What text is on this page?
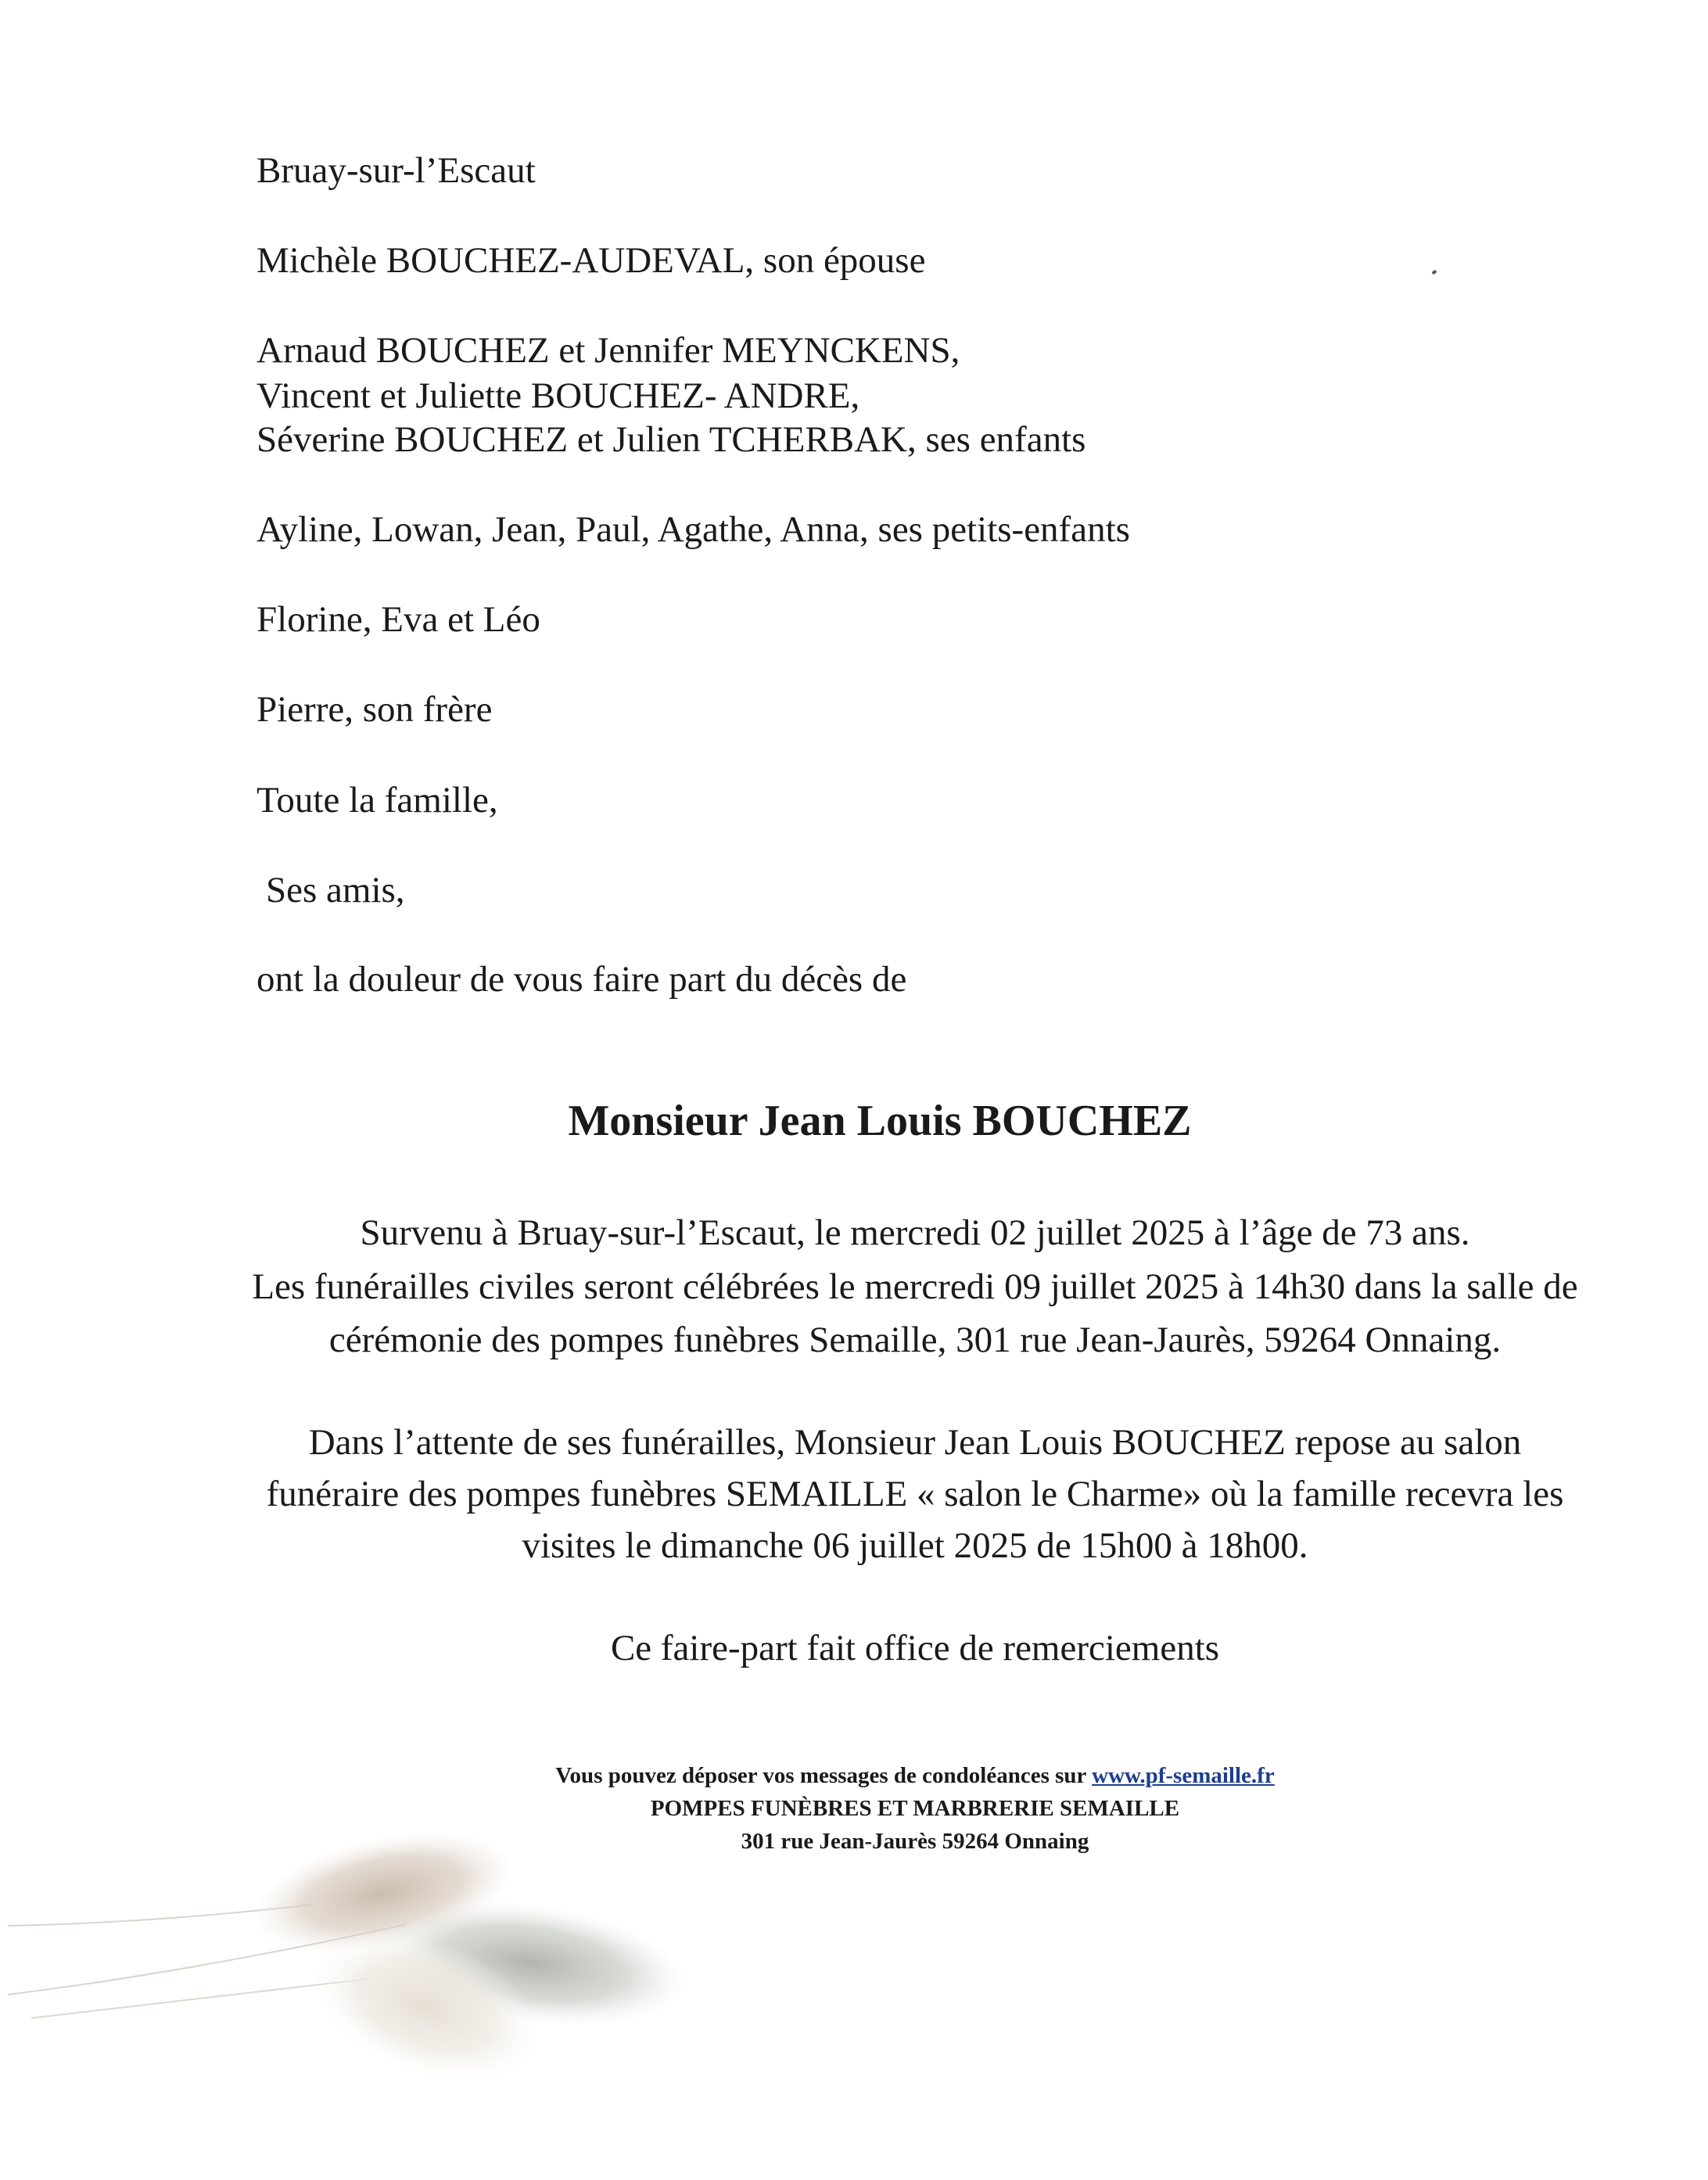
Bruay-sur-l’Escaut

Michèle BOUCHEZ-AUDEVAL, son épouse

Arnaud BOUCHEZ et Jennifer MEYNCKENS,

Vincent et Juliette BOUCHEZ- ANDRE,

Séverine BOUCHEZ et Julien TCHERBAK, ses enfants

Ayline, Lowan, Jean, Paul, Agathe, Anna, ses petits-enfants

Florine, Eva et Léo

Pierre, son frère

Toute la famille,

Ses amis,

ont la douleur de vous faire part du décès de

Monsieur Jean Louis BOUCHEZ

Survenu à Bruay-sur-l’Escaut, le mercredi 02 juillet 2025 à l’âge de 73 ans.

Les funérailles civiles seront célébrées le mercredi 09 juillet 2025 à 14h30 dans la salle de

cérémonie des pompes funèbres Semaille, 301 rue Jean-Jaurès, 59264 Onnaing.

Dans l’attente de ses funérailles, Monsieur Jean Louis BOUCHEZ repose au salon

funéraire des pompes funèbres SEMAILLE « salon le Charme» où la famille recevra les

visites le dimanche 06 juillet 2025 de 15h00 à 18h00.

Ce faire-part fait office de remerciements

Vous pouvez déposer vos messages de condoléances sur www.pf-semaille.fr

POMPES FUNÈBRES ET MARBRERIE SEMAILLE

301 rue Jean-Jaurès 59264 Onnaing
